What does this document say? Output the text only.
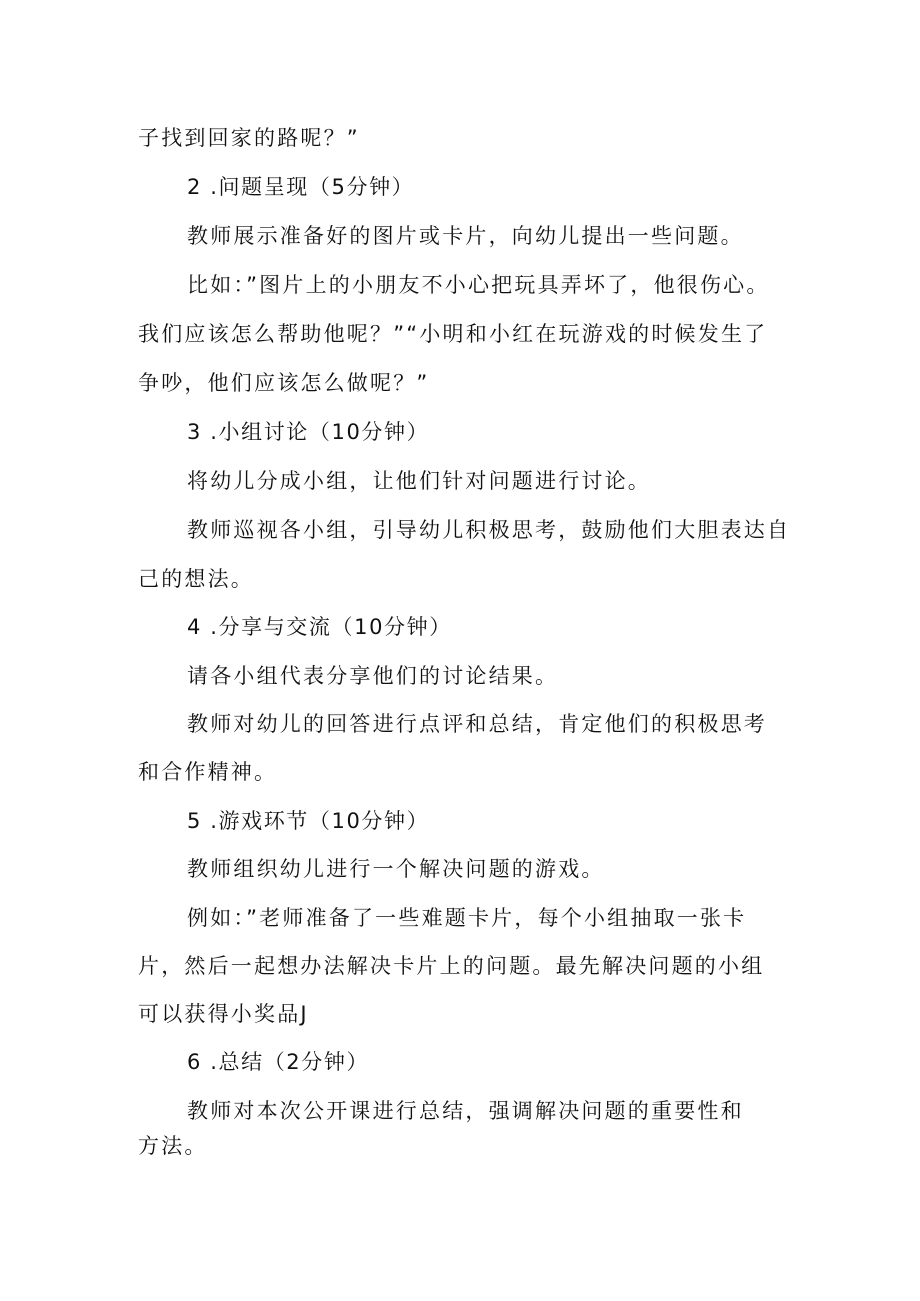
子找到回家的路呢？”
2 .问题呈现（5分钟）
教师展示准备好的图片或卡片，向幼儿提出一些问题。
比如：”图片上的小朋友不小心把玩具弄坏了，他很伤心。
我们应该怎么帮助他呢？”“小明和小红在玩游戏的时候发生了
争吵，他们应该怎么做呢？”
3 .小组讨论（10分钟）
将幼儿分成小组，让他们针对问题进行讨论。
教师巡视各小组，引导幼儿积极思考，鼓励他们大胆表达自
己的想法。
4 .分享与交流（10分钟）
请各小组代表分享他们的讨论结果。
教师对幼儿的回答进行点评和总结，肯定他们的积极思考
和合作精神。
5 .游戏环节（10分钟）
教师组织幼儿进行一个解决问题的游戏。
例如：”老师准备了一些难题卡片，每个小组抽取一张卡
片，然后一起想办法解决卡片上的问题。最先解决问题的小组
可以获得小奖品J
6 .总结（2分钟）
教师对本次公开课进行总结，强调解决问题的重要性和
方法。
